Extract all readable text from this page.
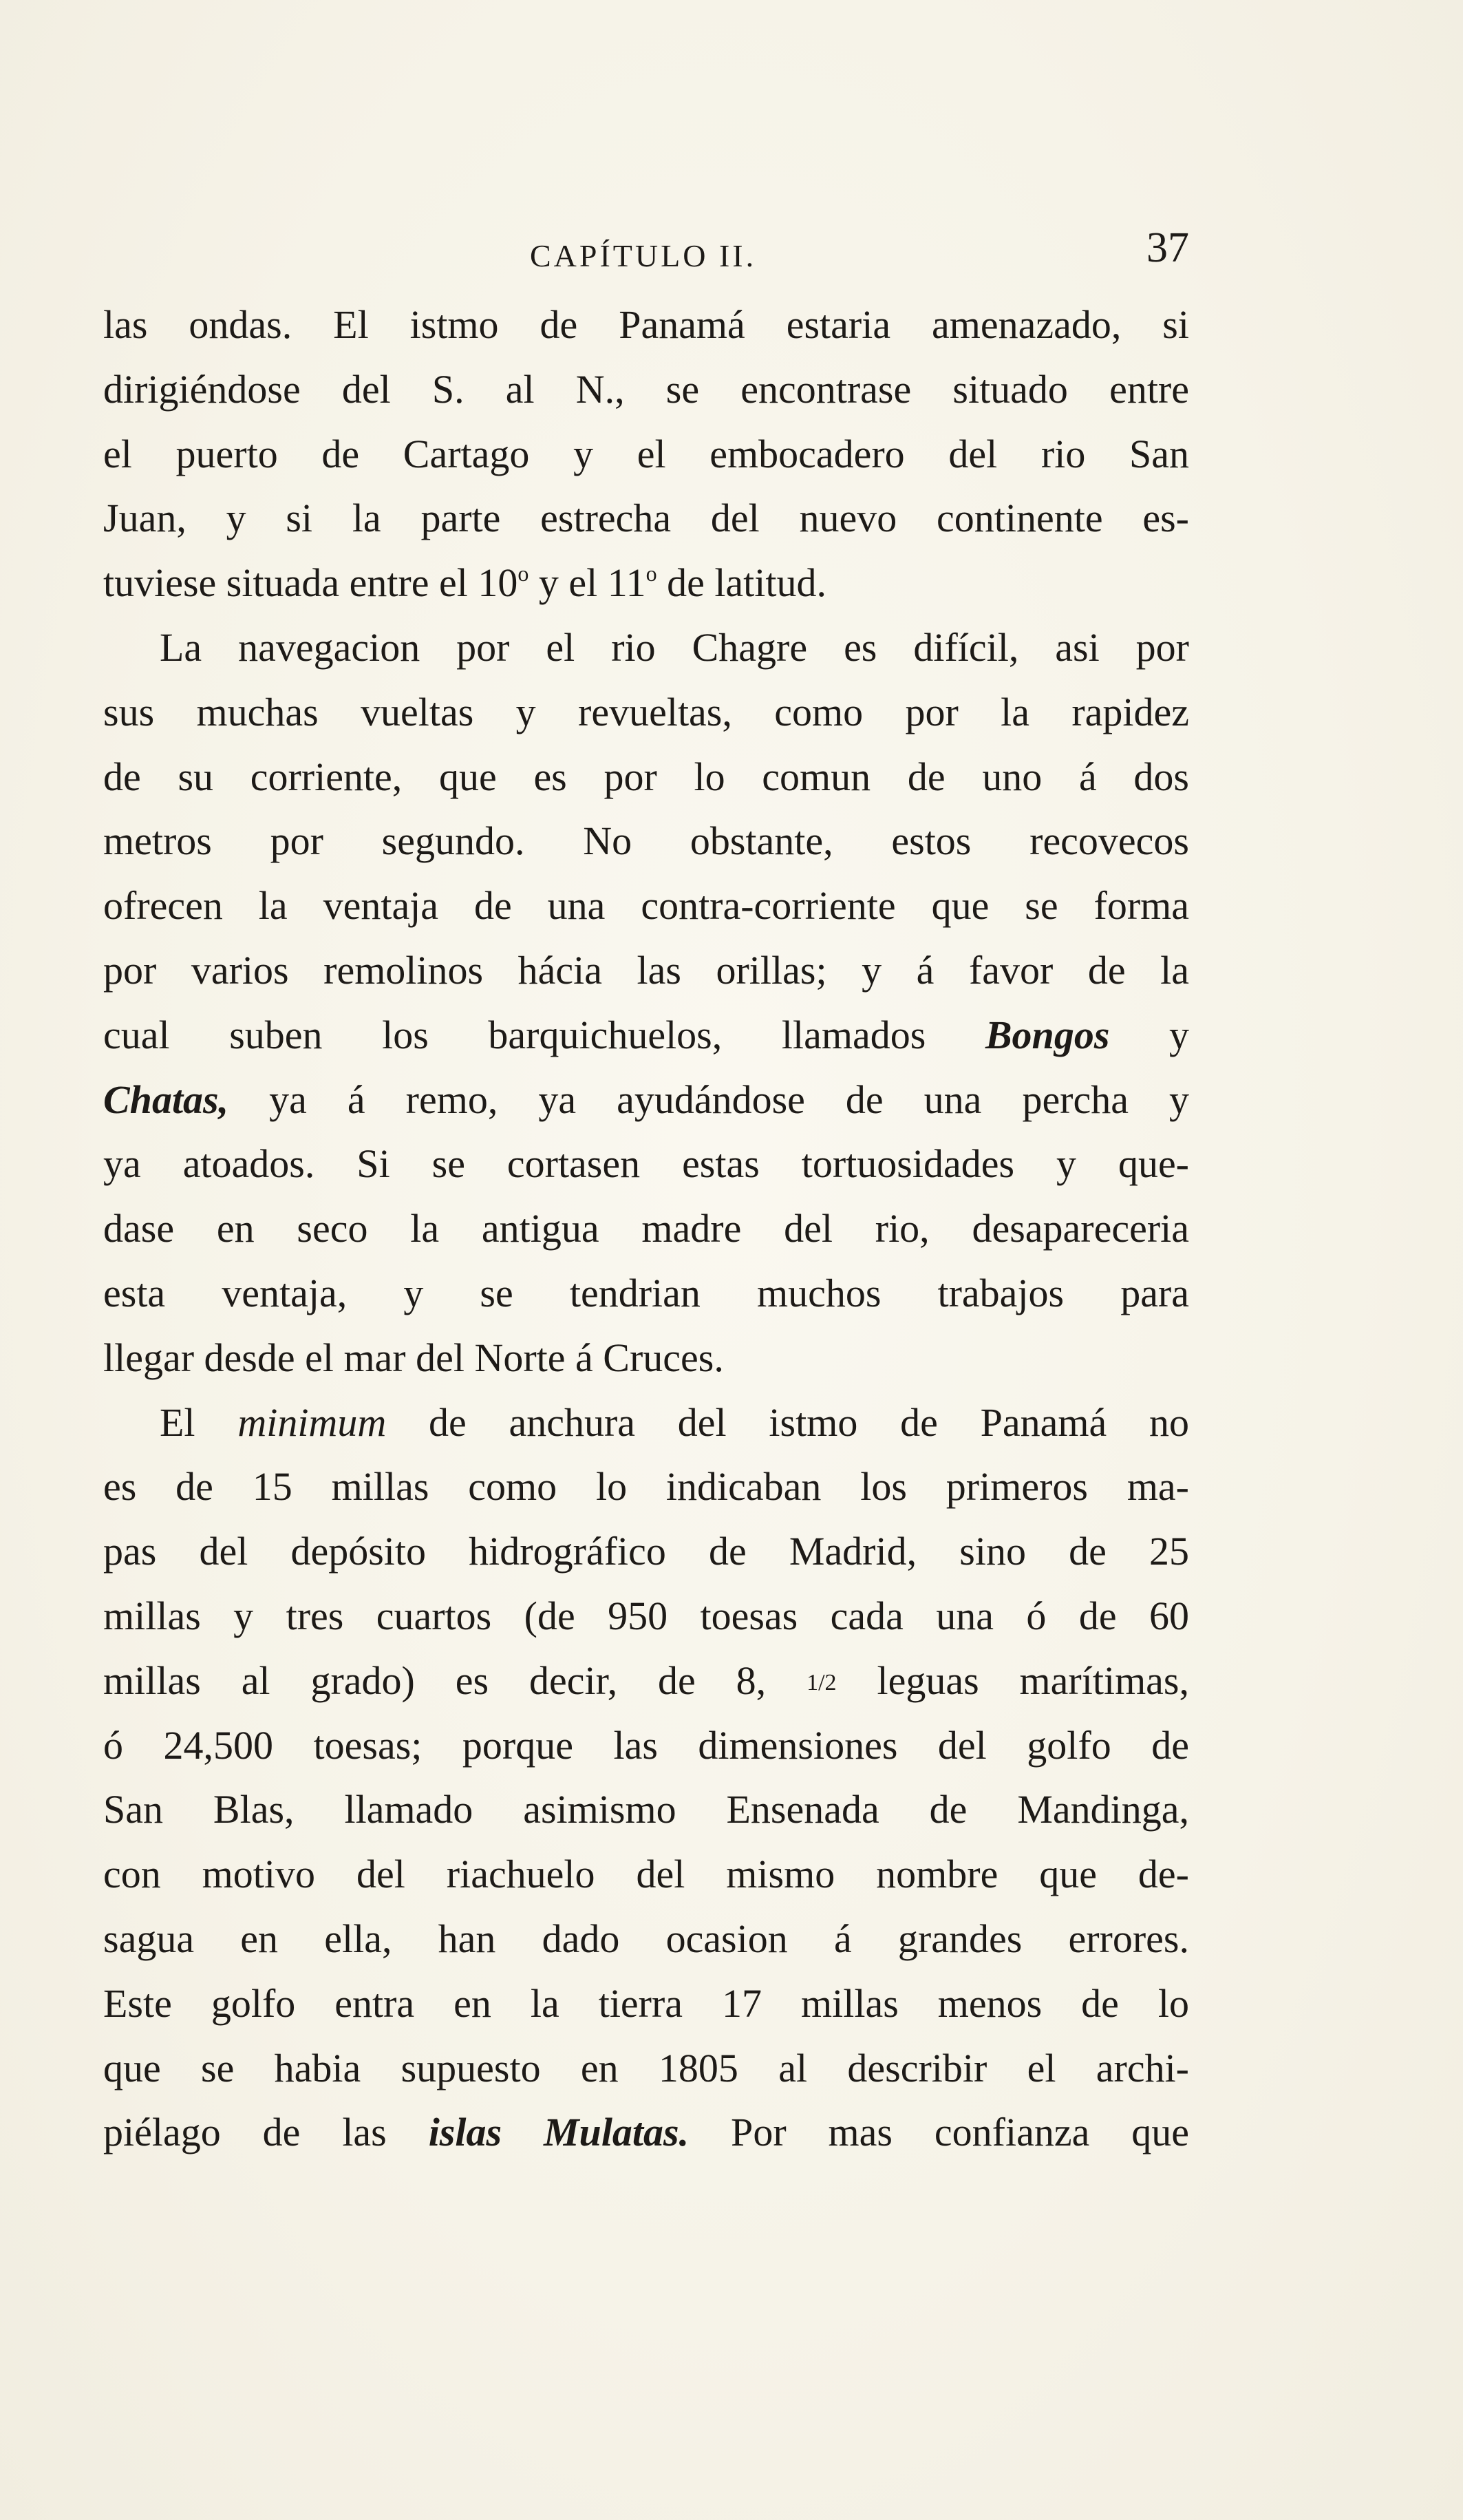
CAPÍTULO II.	37
las ondas. El istmo de Panamá estaria amenazado, si
dirigiéndose del S. al N., se encontrase situado entre
el puerto de Cartago y el embocadero del rio San
Juan, y si la parte estrecha del nuevo continente es-
tuviese situada entre el 10$^o$ y el 11$^o$ de latitud.
La navegacion por el rio Chagre es difícil, asi por
sus muchas vueltas y revueltas, como por la rapidez
de su corriente, que es por lo comun de uno á dos
metros por segundo. No obstante, estos recovecos
ofrecen la ventaja de una contra-corriente que se forma
por varios remolinos hácia las orillas; y á favor de la
cual suben los barquichuelos, llamados Bongos y
Chatas, ya á remo, ya ayudándose de una percha y
ya atoados. Si se cortasen estas tortuosidades y que-
dase en seco la antigua madre del rio, desapareceria
esta ventaja, y se tendrian muchos trabajos para
llegar desde el mar del Norte á Cruces.
El minimum de anchura del istmo de Panamá no
es de 15 millas como lo indicaban los primeros ma-
pas del depósito hidrográfico de Madrid, sino de 25
millas y tres cuartos (de 950 toesas cada una ó de 60
millas al grado) es decir, de 8, 1/2 leguas marítimas,
ó 24,500 toesas; porque las dimensiones del golfo de
San Blas, llamado asimismo Ensenada de Mandinga,
con motivo del riachuelo del mismo nombre que de-
sagua en ella, han dado ocasion á grandes errores.
Este golfo entra en la tierra 17 millas menos de lo
que se habia supuesto en 1805 al describir el archi-
piélago de las islas Mulatas. Por mas confianza que
